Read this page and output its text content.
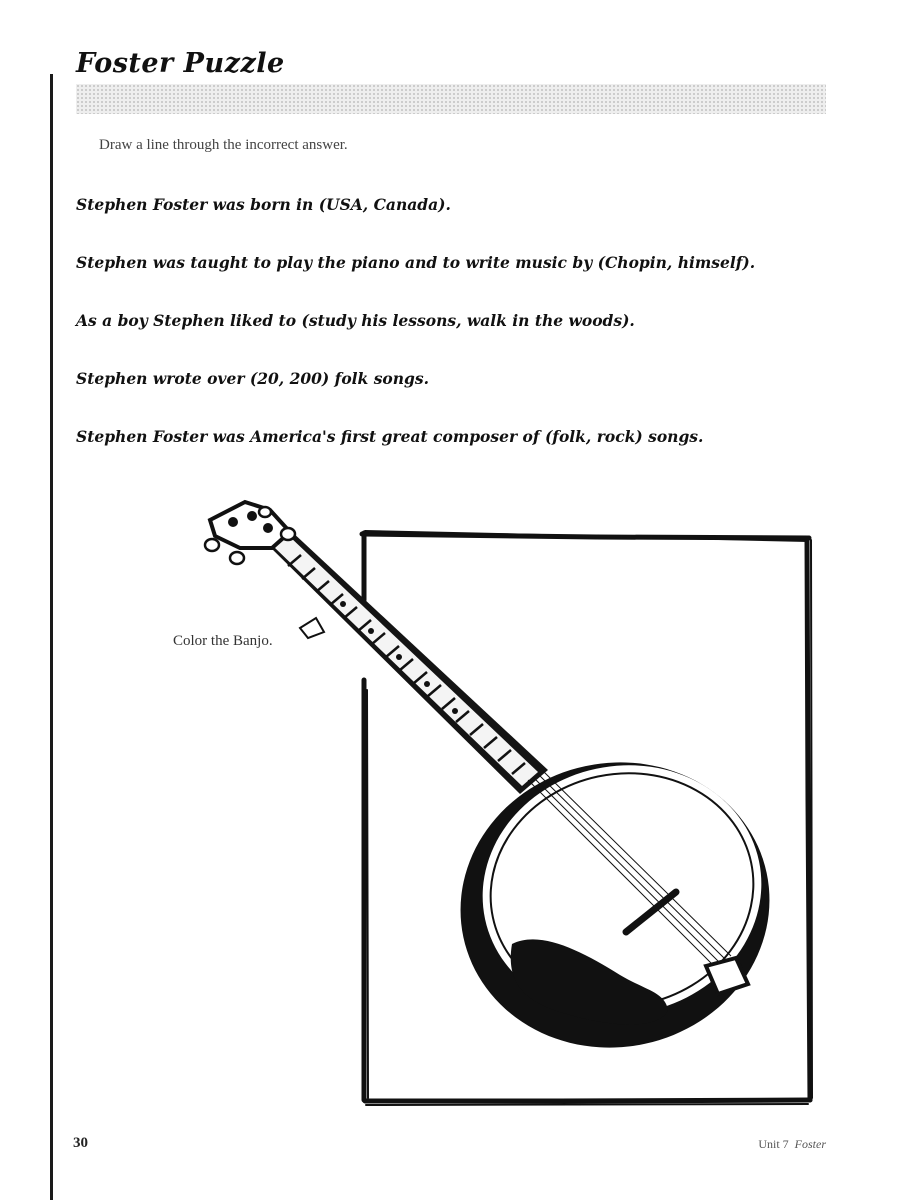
Foster Puzzle

Draw a line through the incorrect answer.

Stephen Foster was born in (USA, Canada).

Stephen was taught to play the piano and to write music by (Chopin, himself).

As a boy Stephen liked to (study his lessons, walk in the woods).

Stephen wrote over (20, 200) folk songs.

Stephen Foster was America's first great composer of (folk, rock) songs.

Color the Banjo.

30	Unit 7 Foster
